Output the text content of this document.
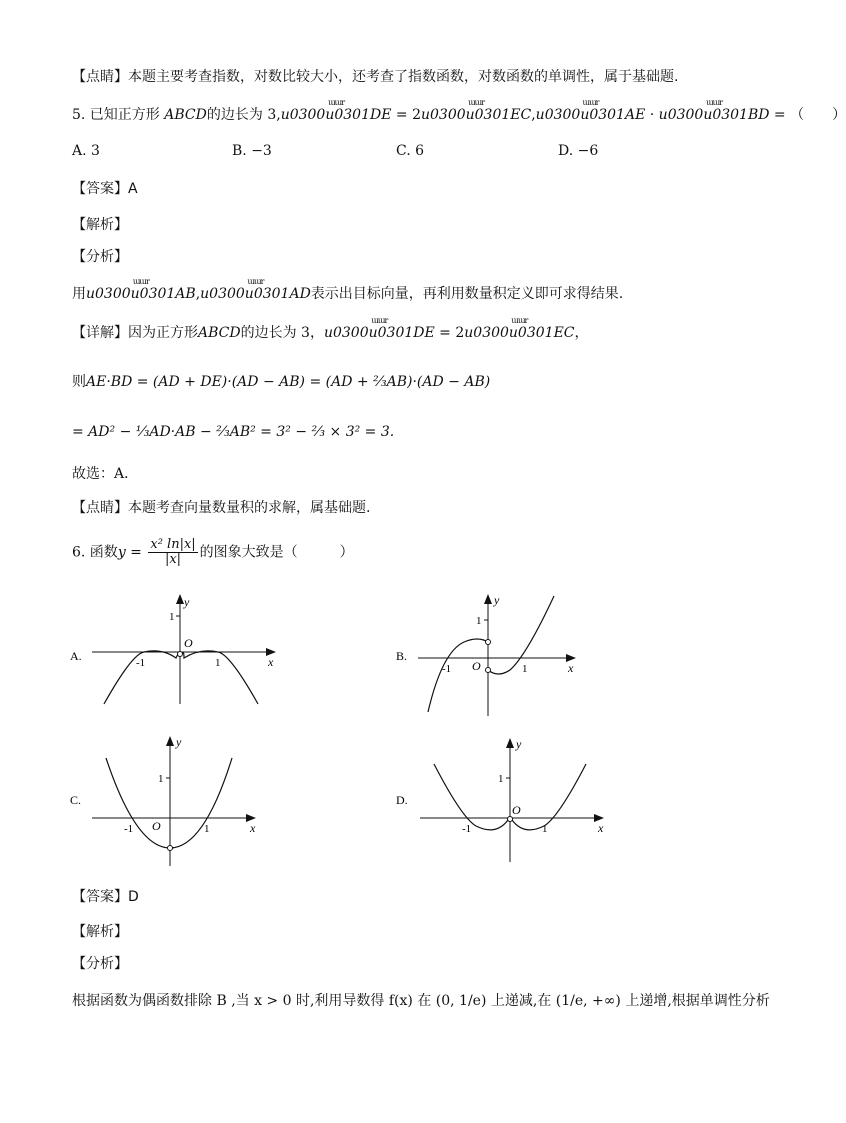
【点睛】本题主要考查指数，对数比较大小，还考查了指数函数，对数函数的单调性，属于基础题.
5. 已知正方形 ABCD的边长为 3,
u0300u0301 ɯɯr
DE = 2
u0300u0301 ɯɯr
EC,
u0300u0301 ɯɯr
AE ·
u0300u0301 ɯɯr
BD = （　　）
A. 3	B. −3	C. 6	D. −6
【答案】A
【解析】
【分析】
用
u0300u0301 ɯɯr
AB,
u0300u0301 ɯɯr
AD表示出目标向量，再利用数量积定义即可求得结果.
【详解】因为正方形ABCD的边长为 3，
u0300u0301 ɯɯr
DE = 2
u0300u0301 ɯɯr
EC，
则AE·BD = (AD + DE)·(AD − AB) = (AD + ⅔AB)·(AD − AB)
= AD² − ⅓AD·AB − ⅔AB² = 3² − ⅔ × 3² = 3.
故选：A．
【点睛】本题考查向量数量积的求解，属基础题.
6. 函数$y = \frac{\text{x² ln|x|}}{|x|}$ 的图象大致是（　　　）
A.
y
x
1
O
-1	1	B.
y
x
1
O
-1	1
C.
y
x
1
O
-1	1
D.
y
x
1
O
-1	1
【答案】D
【解析】
【分析】
根据函数为偶函数排除 B ,当 x > 0 时,利用导数得 f(x) 在 (0, 1/e) 上递减,在 (1/e, +∞) 上递增,根据单调性分析
